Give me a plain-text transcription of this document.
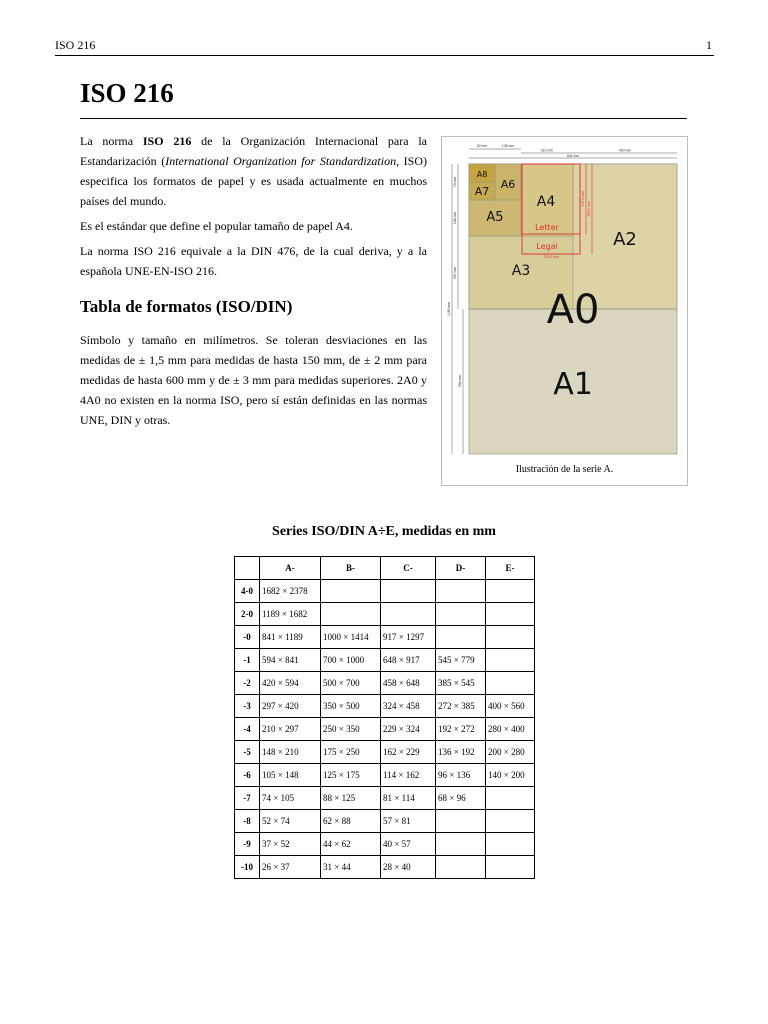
ISO 216	1
ISO 216

La norma ISO 216 de la Organización Internacional para la Estandarización (International Organization for Standardization, ISO) especifica los formatos de papel y es usada actualmente en muchos países del mundo.

Es el estándar que define el popular tamaño de papel A4.

La norma ISO 216 equivale a la DIN 476, de la cual deriva, y a la española UNE-EN-ISO 216.

Tabla de formatos (ISO/DIN)

Símbolo y tamaño en milímetros. Se toleran desviaciones en las medidas de ± 1,5 mm para medidas de hasta 150 mm, de ± 2 mm para medidas de hasta 600 mm y de ± 3 mm para medidas superiores. 2A0 y 4A0 no existen en la norma ISO, pero sí están definidas en las normas UNE, DIN y otras.

52 mm	105 mm
210 mm	420 mm
841 mm
74 mm
148 mm
297 mm
1189 mm
594 mm
279.4 mm
355.6 mm
215.9 mm
A8
A7
A6
A5
A4
A3
A2
A0
A1
Letter
Legal
Ilustración de la serie A.
Series ISO/DIN A÷E, medidas en mm
	A-	B-	C-	D-	E-
4-0	1682 × 2378				
2-0	1189 × 1682				
-0	841 × 1189	1000 × 1414	917 × 1297		
-1	594 × 841	700 × 1000	648 × 917	545 × 779	
-2	420 × 594	500 × 700	458 × 648	385 × 545	
-3	297 × 420	350 × 500	324 × 458	272 × 385	400 × 560
-4	210 × 297	250 × 350	229 × 324	192 × 272	280 × 400
-5	148 × 210	175 × 250	162 × 229	136 × 192	200 × 280
-6	105 × 148	125 × 175	114 × 162	96 × 136	140 × 200
-7	74 × 105	88 × 125	81 × 114	68 × 96	
-8	52 × 74	62 × 88	57 × 81		
-9	37 × 52	44 × 62	40 × 57		
-10	26 × 37	31 × 44	28 × 40		
